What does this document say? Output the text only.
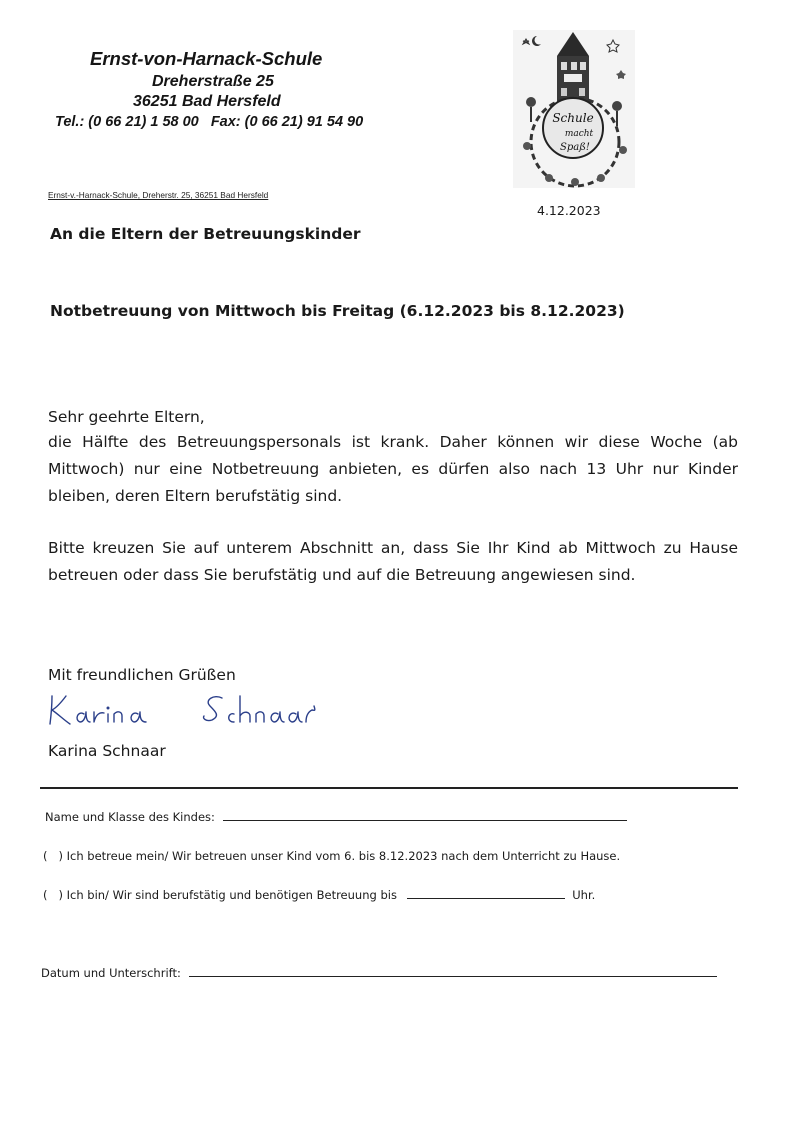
Ernst-von-Harnack-Schule
Dreherstraße 25
36251 Bad Hersfeld
Tel.: (0 66 21) 1 58 00   Fax: (0 66 21) 91 54 90	Schule
macht
Spaß!
Ernst-v.-Harnack-Schule, Dreherstr. 25, 36251 Bad Hersfeld
4.12.2023
An die Eltern der Betreuungskinder
Notbetreuung von Mittwoch bis Freitag (6.12.2023 bis 8.12.2023)
Sehr geehrte Eltern,
die Hälfte des Betreuungspersonals ist krank. Daher können wir diese Woche (ab Mittwoch) nur eine Notbetreuung anbieten, es dürfen also nach 13 Uhr nur Kinder bleiben, deren Eltern berufstätig sind.
Bitte kreuzen Sie auf unterem Abschnitt an, dass Sie Ihr Kind ab Mittwoch zu Hause betreuen oder dass Sie berufstätig und auf die Betreuung angewiesen sind.
Mit freundlichen Grüßen
Karina Schnaar
Name und Klasse des Kindes:
(   ) Ich betreue mein/ Wir betreuen unser Kind vom 6. bis 8.12.2023 nach dem Unterricht zu Hause.
(   ) Ich bin/ Wir sind berufstätig und benötigen Betreuung bis	Uhr.
Datum und Unterschrift:
